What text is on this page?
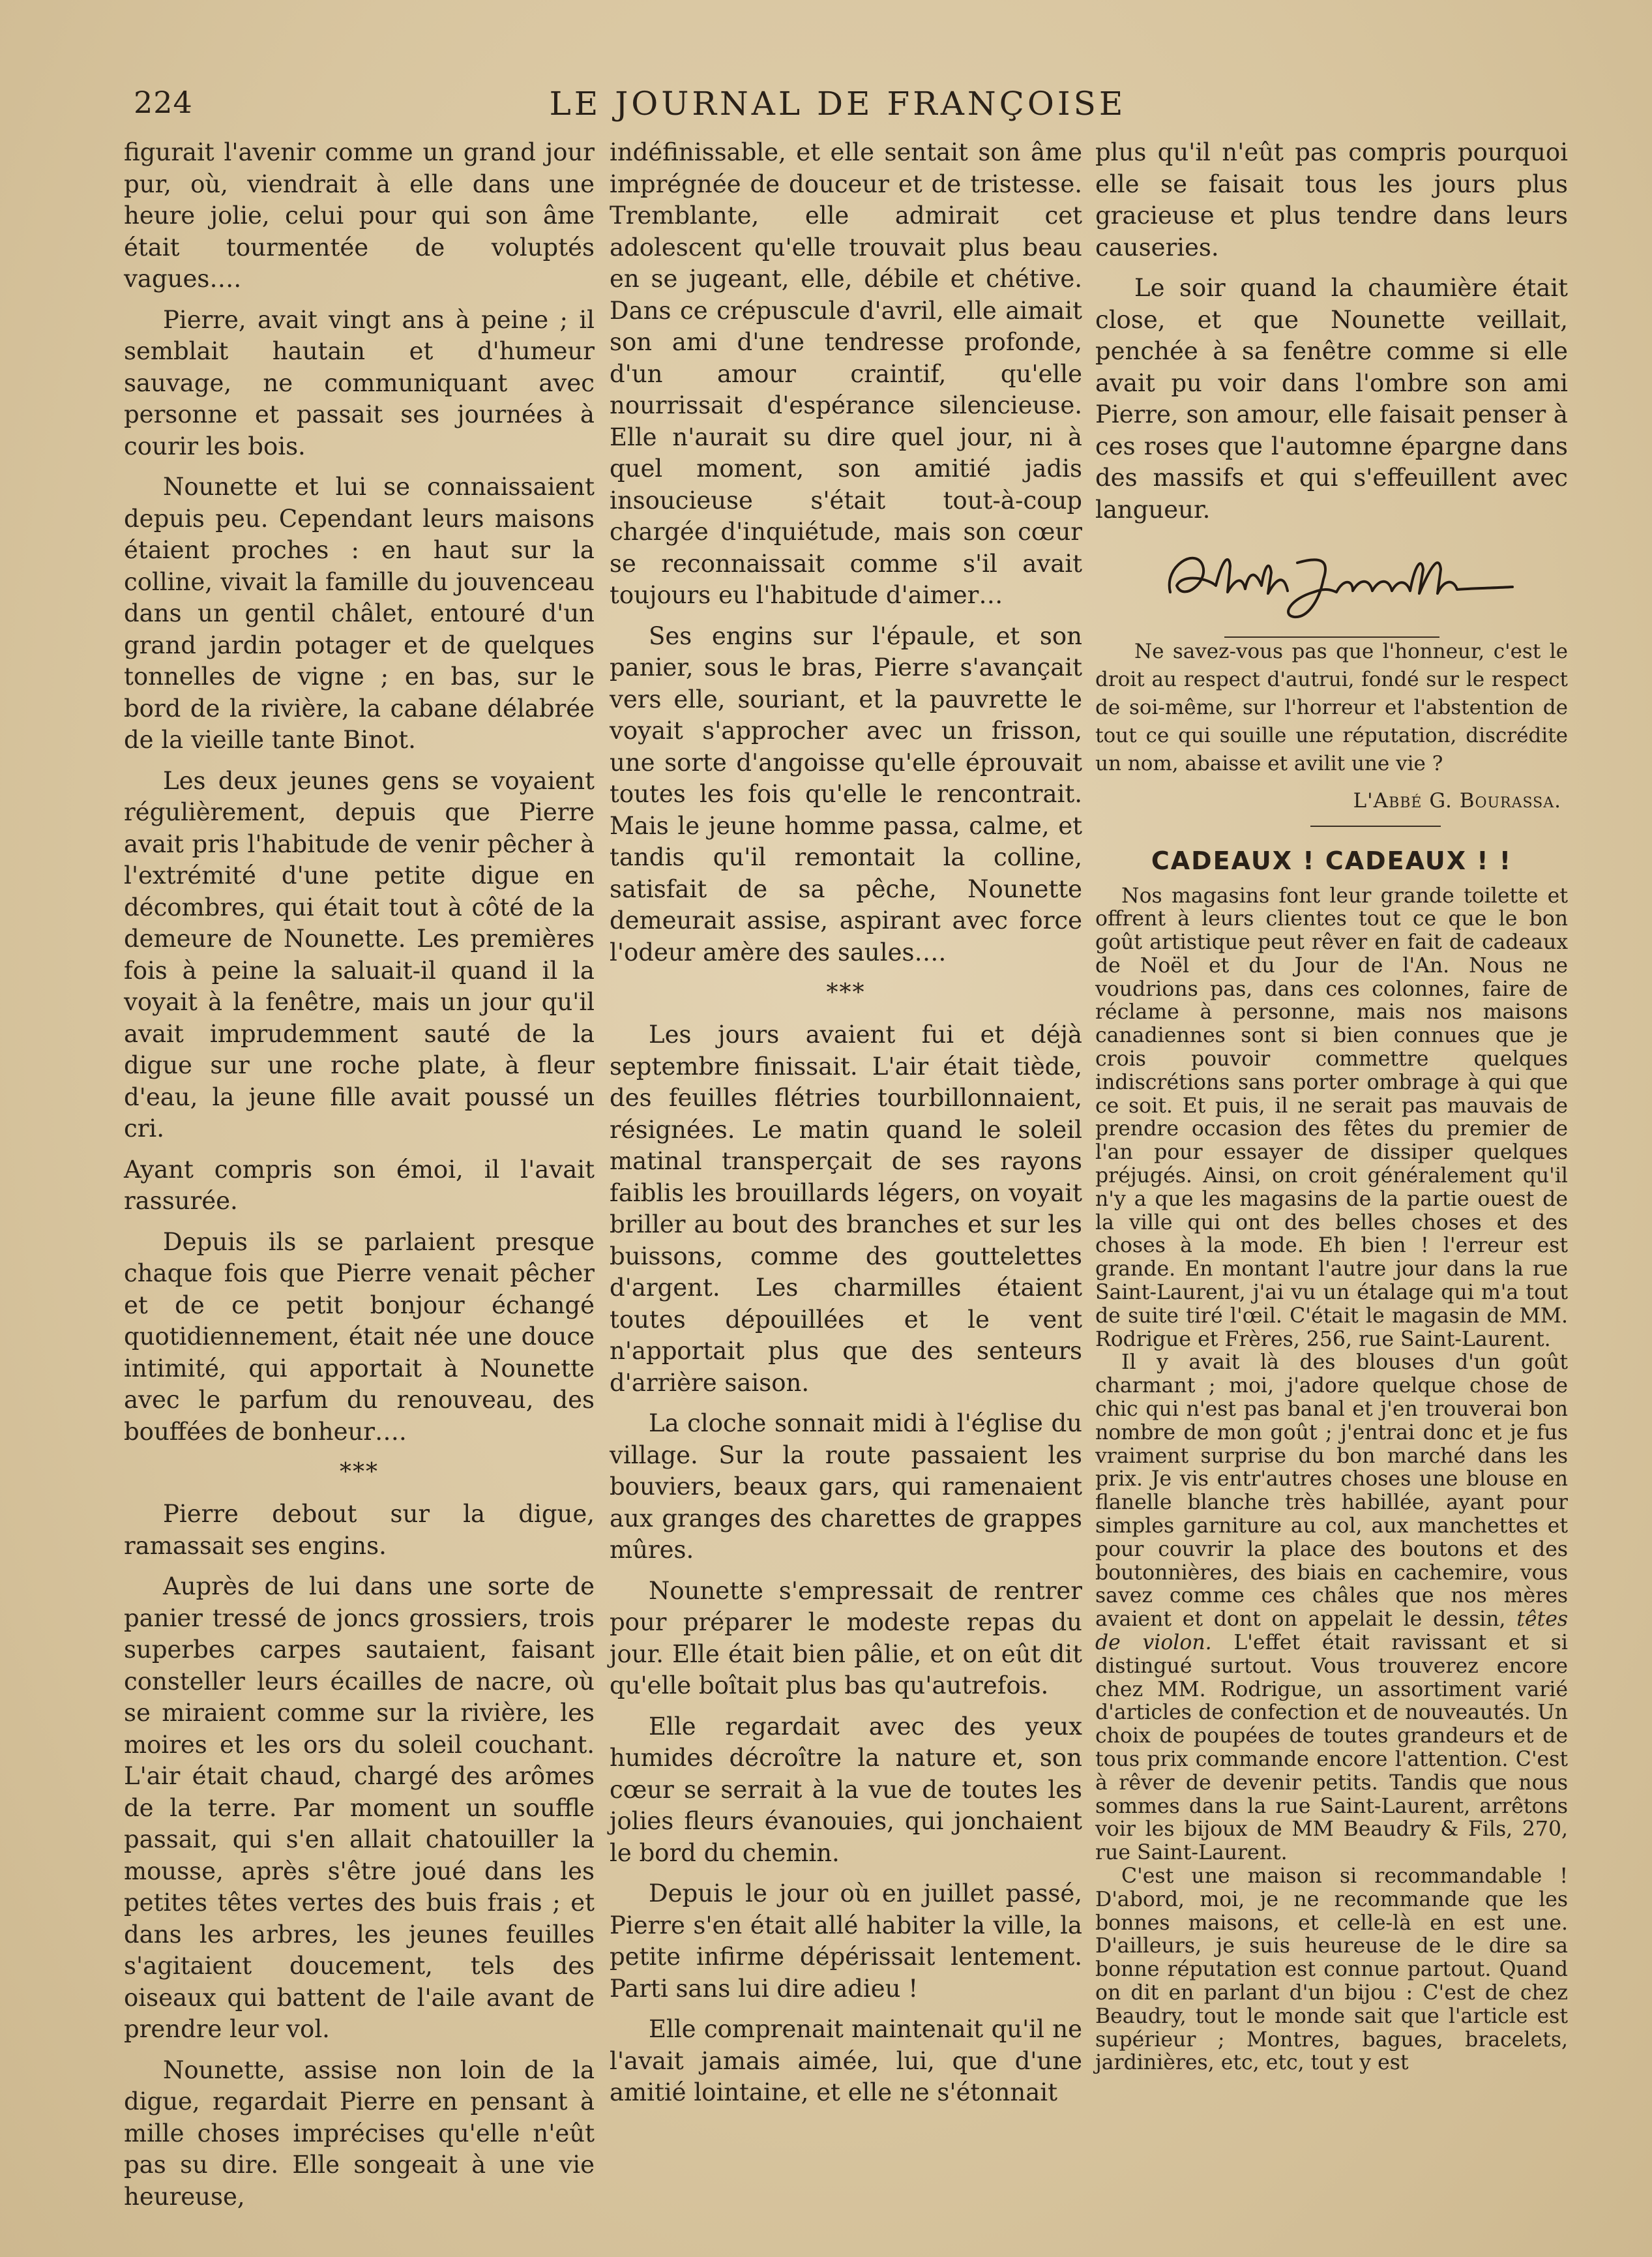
224	LE JOURNAL DE FRANÇOISE

figurait l'avenir comme un grand jour pur, où, viendrait à elle dans une heure jolie, celui pour qui son âme était tourmentée de voluptés vagues….

Pierre, avait vingt ans à peine ; il semblait hautain et d'humeur sauvage, ne communiquant avec personne et passait ses journées à courir les bois.

Nounette et lui se connaissaient depuis peu. Cependant leurs maisons étaient proches : en haut sur la colline, vivait la famille du jouvenceau dans un gentil châlet, entouré d'un grand jardin potager et de quelques tonnelles de vigne ; en bas, sur le bord de la rivière, la cabane délabrée de la vieille tante Binot.

Les deux jeunes gens se voyaient régulièrement, depuis que Pierre avait pris l'habitude de venir pêcher à l'extrémité d'une petite digue en décombres, qui était tout à côté de la demeure de Nounette. Les premières fois à peine la saluait-il quand il la voyait à la fenêtre, mais un jour qu'il avait imprudemment sauté de la digue sur une roche plate, à fleur d'eau, la jeune fille avait poussé un cri.

Ayant compris son émoi, il l'avait rassurée.

Depuis ils se parlaient presque chaque fois que Pierre venait pêcher et de ce petit bonjour échangé quotidiennement, était née une douce intimité, qui apportait à Nounette avec le parfum du renouveau, des bouffées de bonheur….

***

Pierre debout sur la digue, ramassait ses engins.

Auprès de lui dans une sorte de panier tressé de joncs grossiers, trois superbes carpes sautaient, faisant consteller leurs écailles de nacre, où se miraient comme sur la rivière, les moires et les ors du soleil couchant. L'air était chaud, chargé des arômes de la terre. Par moment un souffle passait, qui s'en allait chatouiller la mousse, après s'être joué dans les petites têtes vertes des buis frais ; et dans les arbres, les jeunes feuilles s'agitaient doucement, tels des oiseaux qui battent de l'aile avant de prendre leur vol.

Nounette, assise non loin de la digue, regardait Pierre en pensant à mille choses imprécises qu'elle n'eût pas su dire. Elle songeait à une vie heureuse,

indéfinissable, et elle sentait son âme imprégnée de douceur et de tristesse. Tremblante, elle admirait cet adolescent qu'elle trouvait plus beau en se jugeant, elle, débile et chétive. Dans ce crépuscule d'avril, elle aimait son ami d'une tendresse profonde, d'un amour craintif, qu'elle nourrissait d'espérance silencieuse. Elle n'aurait su dire quel jour, ni à quel moment, son amitié jadis insoucieuse s'était tout-à-coup chargée d'inquiétude, mais son cœur se reconnaissait comme s'il avait toujours eu l'habitude d'aimer…

Ses engins sur l'épaule, et son panier, sous le bras, Pierre s'avançait vers elle, souriant, et la pauvrette le voyait s'approcher avec un frisson, une sorte d'angoisse qu'elle éprouvait toutes les fois qu'elle le rencontrait. Mais le jeune homme passa, calme, et tandis qu'il remontait la colline, satisfait de sa pêche, Nounette demeurait assise, aspirant avec force l'odeur amère des saules….

***

Les jours avaient fui et déjà septembre finissait. L'air était tiède, des feuilles flétries tourbillonnaient, résignées. Le matin quand le soleil matinal transperçait de ses rayons faiblis les brouillards légers, on voyait briller au bout des branches et sur les buissons, comme des gouttelettes d'argent. Les charmilles étaient toutes dépouillées et le vent n'apportait plus que des senteurs d'arrière saison.

La cloche sonnait midi à l'église du village. Sur la route passaient les bouviers, beaux gars, qui ramenaient aux granges des charettes de grappes mûres.

Nounette s'empressait de rentrer pour préparer le modeste repas du jour. Elle était bien pâlie, et on eût dit qu'elle boîtait plus bas qu'autrefois.

Elle regardait avec des yeux humides décroître la nature et, son cœur se serrait à la vue de toutes les jolies fleurs évanouies, qui jonchaient le bord du chemin.

Depuis le jour où en juillet passé, Pierre s'en était allé habiter la ville, la petite infirme dépérissait lentement. Parti sans lui dire adieu !

Elle comprenait maintenait qu'il ne l'avait jamais aimée, lui, que d'une amitié lointaine, et elle ne s'étonnait

plus qu'il n'eût pas compris pourquoi elle se faisait tous les jours plus gracieuse et plus tendre dans leurs causeries.

Le soir quand la chaumière était close, et que Nounette veillait, penchée à sa fenêtre comme si elle avait pu voir dans l'ombre son ami Pierre, son amour, elle faisait penser à ces roses que l'automne épargne dans des massifs et qui s'effeuillent avec langueur.

Ne savez-vous pas que l'honneur, c'est le droit au respect d'autrui, fondé sur le respect de soi-même, sur l'horreur et l'abstention de tout ce qui souille une réputation, discrédite un nom, abaisse et avilit une vie ?

L'Abbé G. Bourassa.
CADEAUX ! CADEAUX ! !

Nos magasins font leur grande toilette et offrent à leurs clientes tout ce que le bon goût artistique peut rêver en fait de cadeaux de Noël et du Jour de l'An. Nous ne voudrions pas, dans ces colonnes, faire de réclame à personne, mais nos maisons canadiennes sont si bien connues que je crois pouvoir commettre quelques indiscrétions sans porter ombrage à qui que ce soit. Et puis, il ne serait pas mauvais de prendre occasion des fêtes du premier de l'an pour essayer de dissiper quelques préjugés. Ainsi, on croit généralement qu'il n'y a que les magasins de la partie ouest de la ville qui ont des belles choses et des choses à la mode. Eh bien ! l'erreur est grande. En montant l'autre jour dans la rue Saint-Laurent, j'ai vu un étalage qui m'a tout de suite tiré l'œil. C'était le magasin de MM. Rodrigue et Frères, 256, rue Saint-Laurent.

Il y avait là des blouses d'un goût charmant ; moi, j'adore quelque chose de chic qui n'est pas banal et j'en trouverai bon nombre de mon goût ; j'entrai donc et je fus vraiment surprise du bon marché dans les prix. Je vis entr'autres choses une blouse en flanelle blanche très habillée, ayant pour simples garniture au col, aux manchettes et pour couvrir la place des boutons et des boutonnières, des biais en cachemire, vous savez comme ces châles que nos mères avaient et dont on appelait le dessin, têtes de violon. L'effet était ravissant et si distingué surtout. Vous trouverez encore chez MM. Rodrigue, un assortiment varié d'articles de confection et de nouveautés. Un choix de poupées de toutes grandeurs et de tous prix commande encore l'attention. C'est à rêver de devenir petits. Tandis que nous sommes dans la rue Saint-Laurent, arrêtons voir les bijoux de MM Beaudry & Fils, 270, rue Saint-Laurent.

C'est une maison si recommandable ! D'abord, moi, je ne recommande que les bonnes maisons, et celle-là en est une. D'ailleurs, je suis heureuse de le dire sa bonne réputation est connue partout. Quand on dit en parlant d'un bijou : C'est de chez Beaudry, tout le monde sait que l'article est supérieur ; Montres, bagues, bracelets, jardinières, etc, etc, tout y est
